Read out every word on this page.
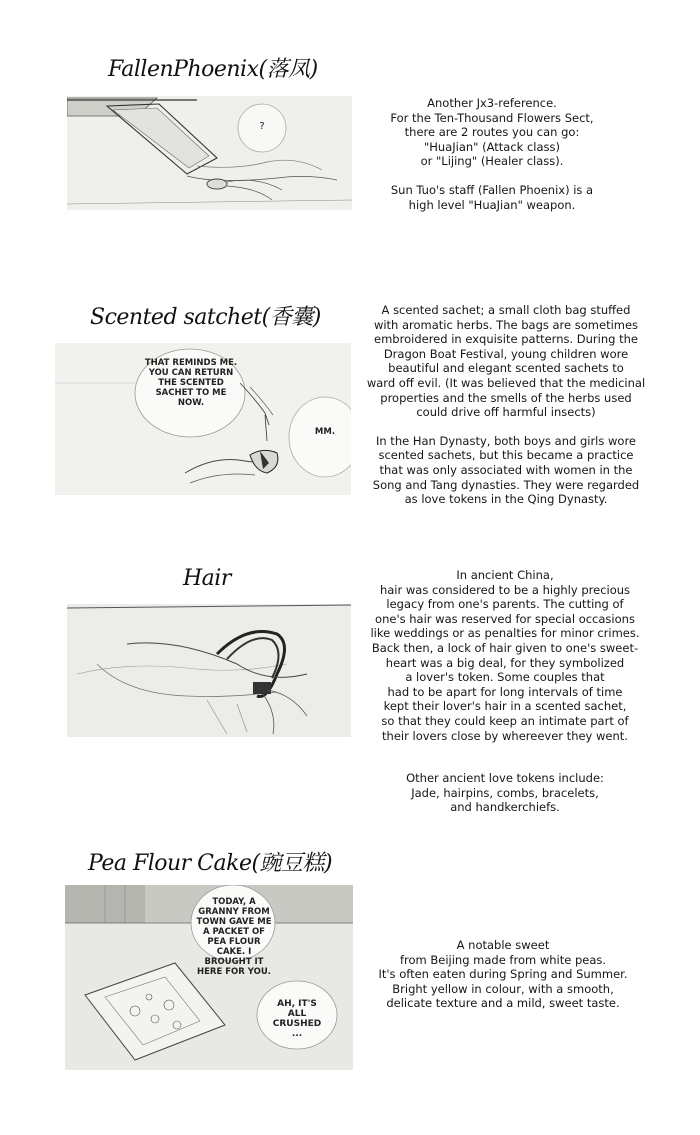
FallenPhoenix(落凤)
?

Another Jx3-reference.

For the Ten-Thousand Flowers Sect,

there are 2 routes you can go:

"HuaJian" (Attack class)

or "Lijing" (Healer class).

Sun Tuo's staff (Fallen Phoenix) is a

high level "HuaJian" weapon.

Scented satchet(香囊)
THAT REMINDS ME. YOU CAN RETURN THE SCENTED SACHET TO ME NOW.
MM.

A scented sachet; a small cloth bag stuffed

with aromatic herbs. The bags are sometimes

embroidered in exquisite patterns. During the

Dragon Boat Festival, young children wore

beautiful and elegant scented sachets to

ward off evil. (It was believed that the medicinal

properties and the smells of the herbs used

could drive off harmful insects)

In the Han Dynasty, both boys and girls wore

scented sachets, but this became a practice

that was only associated with women in the

Song and Tang dynasties. They were regarded

as love tokens in the Qing Dynasty.

Hair	In ancient China,

hair was considered to be a highly precious

legacy from one's parents. The cutting of

one's hair was reserved for special occasions

like weddings or as penalties for minor crimes.

Back then, a lock of hair given to one's sweet-

heart was a big deal, for they symbolized

a lover's token. Some couples that

had to be apart for long intervals of time

kept their lover's hair in a scented sachet,

so that they could keep an intimate part of

their lovers close by whereever they went.

Other ancient love tokens include:

Jade, hairpins, combs, bracelets,

and handkerchiefs.

Pea Flour Cake(豌豆糕)
TODAY, A GRANNY FROM TOWN GAVE ME A PACKET OF PEA FLOUR CAKE. I BROUGHT IT HERE FOR YOU.
AH, IT'S ALL CRUSHED ...

A notable sweet

from Beijing made from white peas.

It's often eaten during Spring and Summer.

Bright yellow in colour, with a smooth,

delicate texture and a mild, sweet taste.
